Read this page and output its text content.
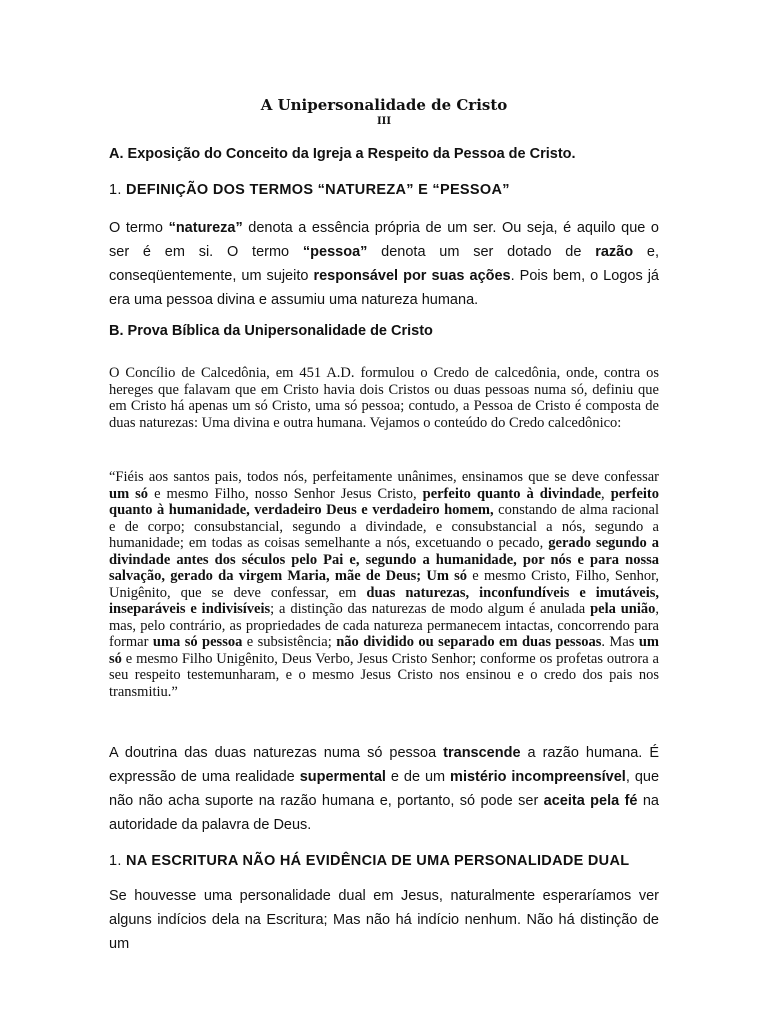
A Unipersonalidade de Cristo
III
A. Exposição do Conceito da Igreja a Respeito da Pessoa de Cristo.
1. DEFINIÇÃO DOS TERMOS “NATUREZA” E “PESSOA”
O termo “natureza” denota a essência própria de um ser. Ou seja, é aquilo que o ser é em si. O termo “pessoa” denota um ser dotado de razão e, conseqüentemente, um sujeito responsável por suas ações. Pois bem, o Logos já era uma pessoa divina e assumiu uma natureza humana.
B. Prova Bíblica da Unipersonalidade de Cristo
O Concílio de Calcedônia, em 451 A.D. formulou o Credo de calcedônia, onde, contra os hereges que falavam que em Cristo havia dois Cristos ou duas pessoas numa só, definiu que em Cristo há apenas um só Cristo, uma só pessoa; contudo, a Pessoa de Cristo é composta de duas naturezas: Uma divina e outra humana. Vejamos o conteúdo do Credo calcedônico:
“Fiéis aos santos pais, todos nós, perfeitamente unânimes, ensinamos que se deve confessar um só e mesmo Filho, nosso Senhor Jesus Cristo, perfeito quanto à divindade, perfeito quanto à humanidade, verdadeiro Deus e verdadeiro homem, constando de alma racional e de corpo; consubstancial, segundo a divindade, e consubstancial a nós, segundo a humanidade; em todas as coisas semelhante a nós, excetuando o pecado, gerado segundo a divindade antes dos séculos pelo Pai e, segundo a humanidade, por nós e para nossa salvação, gerado da virgem Maria, mãe de Deus; Um só e mesmo Cristo, Filho, Senhor, Unigênito, que se deve confessar, em duas naturezas, inconfundíveis e imutáveis, inseparáveis e indivisíveis; a distinção das naturezas de modo algum é anulada pela união, mas, pelo contrário, as propriedades de cada natureza permanecem intactas, concorrendo para formar uma só pessoa e subsistência; não dividido ou separado em duas pessoas. Mas um só e mesmo Filho Unigênito, Deus Verbo, Jesus Cristo Senhor; conforme os profetas outrora a seu respeito testemunharam, e o mesmo Jesus Cristo nos ensinou e o credo dos pais nos transmitiu.”
A doutrina das duas naturezas numa só pessoa transcende a razão humana. É expressão de uma realidade supermental e de um mistério incompreensível, que não não acha suporte na razão humana e, portanto, só pode ser aceita pela fé na autoridade da palavra de Deus.
1. NA ESCRITURA NÃO HÁ EVIDÊNCIA DE UMA PERSONALIDADE DUAL
Se houvesse uma personalidade dual em Jesus, naturalmente esperaríamos ver alguns indícios dela na Escritura; Mas não há indício nenhum. Não há distinção de um
